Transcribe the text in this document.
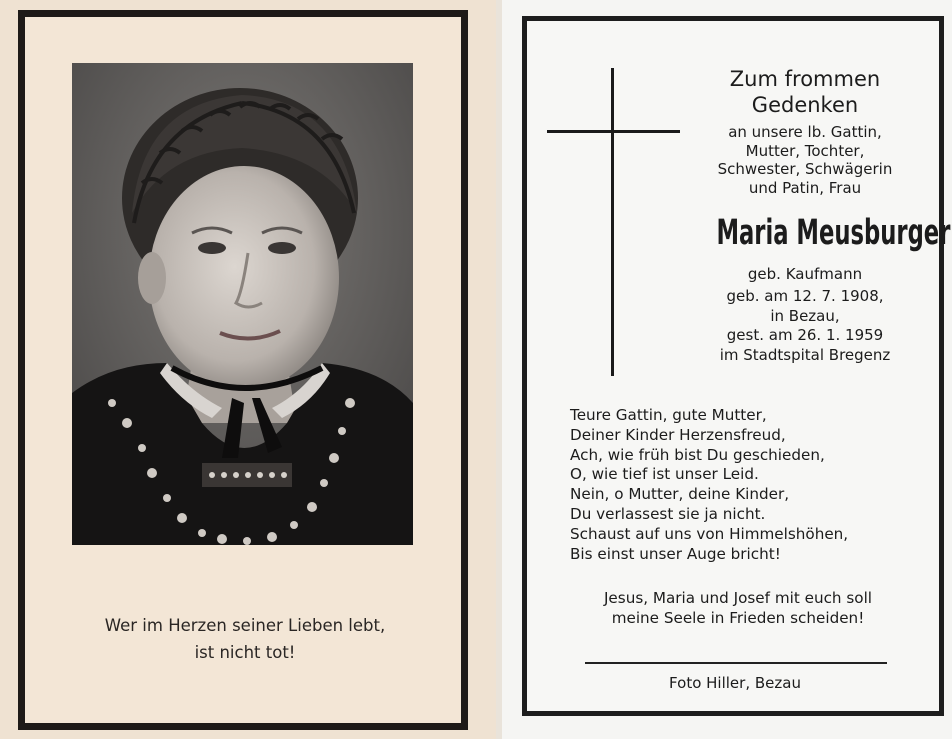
Wer im Herzen seiner Lieben lebt,
ist nicht tot!
Zum frommen
Gedenken
an unsere lb. Gattin,
Mutter, Tochter,
Schwester, Schwägerin
und Patin, Frau
Maria Meusburger
geb. Kaufmann
geb. am 12. 7. 1908,
in Bezau,
gest. am 26. 1. 1959
im Stadtspital Bregenz
Teure Gattin, gute Mutter,
Deiner Kinder Herzensfreud,
Ach, wie früh bist Du geschieden,
O, wie tief ist unser Leid.
Nein, o Mutter, deine Kinder,
Du verlassest sie ja nicht.
Schaust auf uns von Himmelshöhen,
Bis einst unser Auge bricht!
Jesus, Maria und Josef mit euch soll
meine Seele in Frieden scheiden!
Foto Hiller, Bezau
